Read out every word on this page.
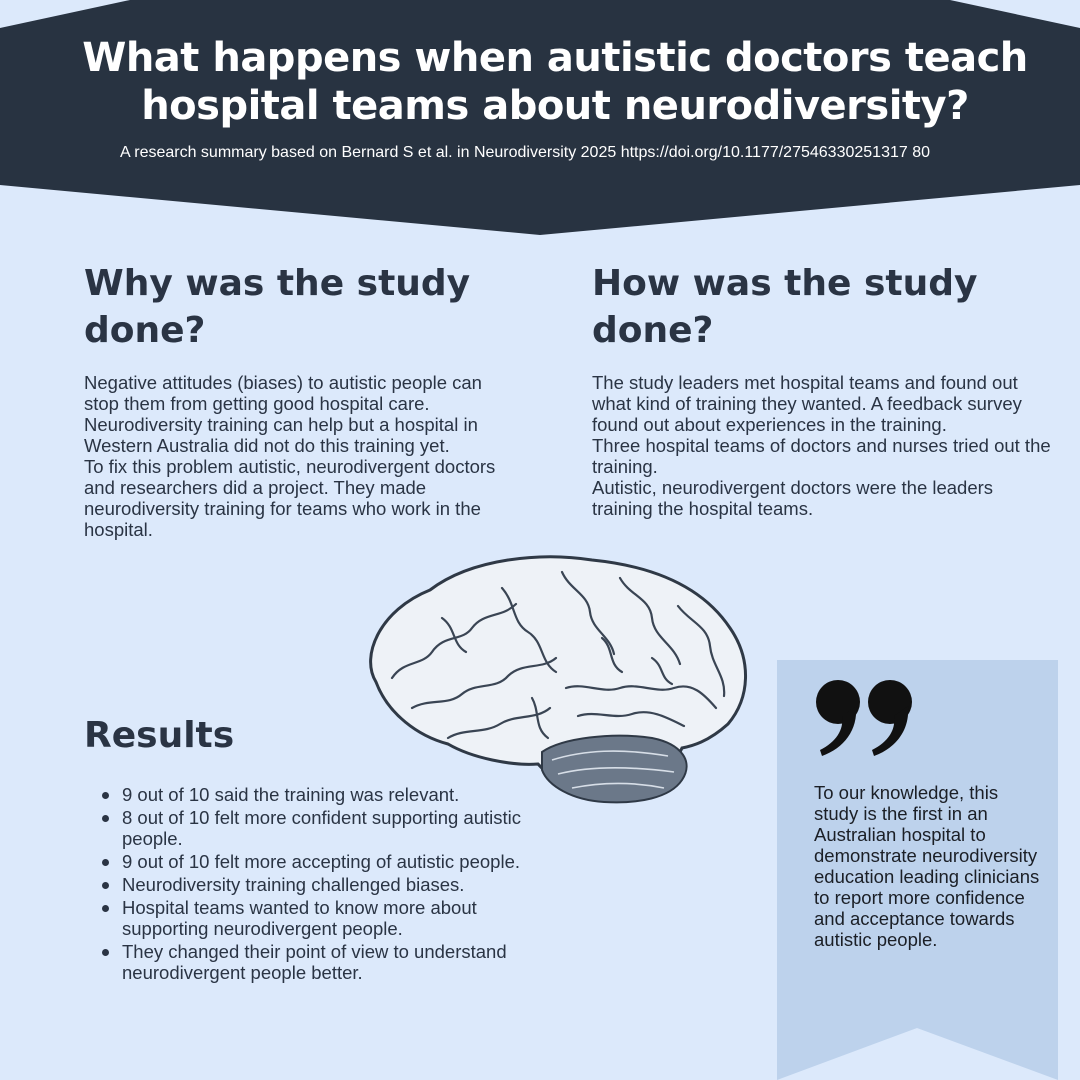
What happens when autistic doctors teach hospital teams about neurodiversity?
A research summary based on Bernard S et al. in Neurodiversity 2025 https://doi.org/10.1177/27546330251317 80
Why was the study done?

Negative attitudes (biases) to autistic people can stop them from getting good hospital care. Neurodiversity training can help but a hospital in Western Australia did not do this training yet.
To fix this problem autistic, neurodivergent doctors and researchers did a project. They made neurodiversity training for teams who work in the hospital.

How was the study done?

The study leaders met hospital teams and found out what kind of training they wanted. A feedback survey found out about experiences in the training.
Three hospital teams of doctors and nurses tried out the training.
Autistic, neurodivergent doctors were the leaders training the hospital teams.

Results
9 out of 10 said the training was relevant.
8 out of 10 felt more confident supporting autistic people.
9 out of 10 felt more accepting of autistic people.
Neurodiversity training challenged biases.
Hospital teams wanted to know more about supporting neurodivergent people.
They changed their point of view to understand neurodivergent people better.

To our knowledge, this study is the first in an Australian hospital to demonstrate neurodiversity education leading clinicians to report more confidence and acceptance towards autistic people.
